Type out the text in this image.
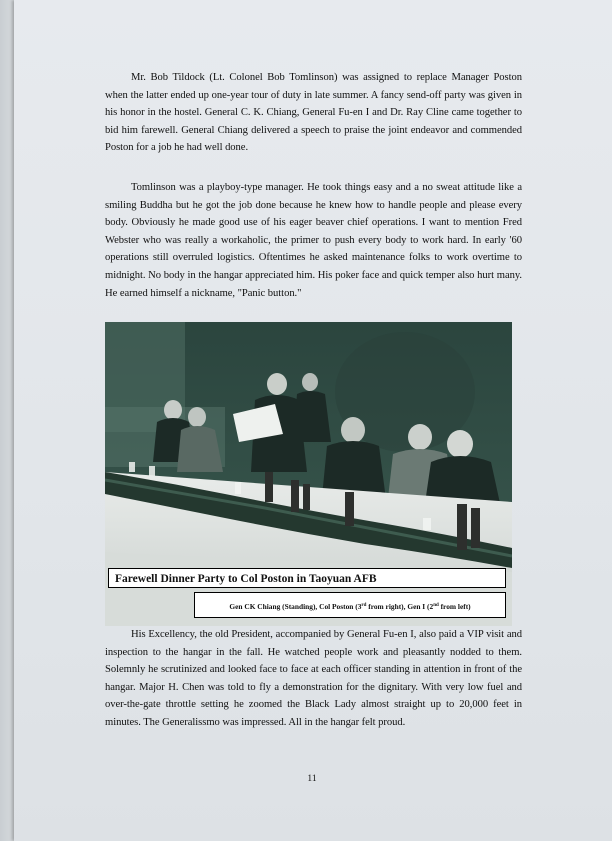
Mr. Bob Tildock (Lt. Colonel Bob Tomlinson) was assigned to replace Manager Poston when the latter ended up one-year tour of duty in late summer. A fancy send-off party was given in his honor in the hostel. General C. K. Chiang, General Fu-en I and Dr. Ray Cline came together to bid him farewell. General Chiang delivered a speech to praise the joint endeavor and commended Poston for a job he had well done.

Tomlinson was a playboy-type manager. He took things easy and a no sweat attitude like a smiling Buddha but he got the job done because he knew how to handle people and please every body. Obviously he made good use of his eager beaver chief operations. I want to mention Fred Webster who was really a workaholic, the primer to push every body to work hard. In early '60 operations still overruled logistics. Oftentimes he asked maintenance folks to work overtime to midnight. No body in the hangar appreciated him. His poker face and quick temper also hurt many. He earned himself a nickname, "Panic button."

Farewell Dinner Party to Col Poston in Taoyuan AFB
Gen CK Chiang (Standing), Col Poston (3rd from right), Gen I (2nd from left)

His Excellency, the old President, accompanied by General Fu-en I, also paid a VIP visit and inspection to the hangar in the fall. He watched people work and pleasantly nodded to them. Solemnly he scrutinized and looked face to face at each officer standing in attention in front of the hangar. Major H. Chen was told to fly a demonstration for the dignitary. With very low fuel and over-the-gate throttle setting he zoomed the Black Lady almost straight up to 20,000 feet in minutes. The Generalissmo was impressed. All in the hangar felt proud.

11
